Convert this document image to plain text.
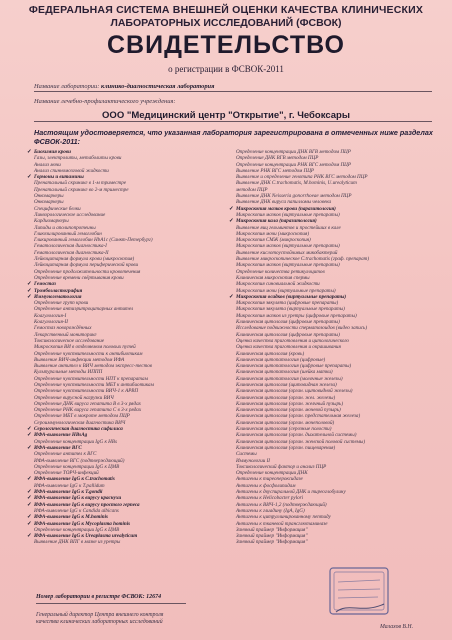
ФЕДЕРАЛЬНАЯ СИСТЕМА ВНЕШНЕЙ ОЦЕНКИ КАЧЕСТВА КЛИНИЧЕСКИХ
ЛАБОРАТОРНЫХ ИССЛЕДОВАНИЙ (ФСВОК)
СВИДЕТЕЛЬСТВО
о регистрации в ФСВОК-2011
Название лаборатории: клинико-диагностическая лаборатория
Название лечебно-профилактического учреждения:
ООО "Медицинский центр "Открытие", г. Чебоксары
Настоящим удостоверяется, что указанная лаборатория зарегистрирована в отмеченных ниже разделах ФСВОК-2011:
✓ Биохимия крови
Газы, электролиты, метаболиты крови
Анализ мочи
Анализ спинномозговой жидкости
✓ Гормоны и витамины
Пренатальный скрининг в 1-м триместре
Пренатальный скрининг во 2-м триместре
Онкомаркеры
Онкомаркеры
Специфические белки
Ликворологическое исследование
Кардиомаркеры
Липиды и аполипопротеины
Гликозилированный гемоглобин
Гликированный гемоглобин HbA1c (Санкт-Петербург)
Гематологическая диагностика-I
Гематологическая диагностика-II
Лейкоцитарная формула крови (микроскопия)
Лейкоцитарная формула периферической крови
Определение продолжительности кровотечения
Определение времени свёртывания крови
✓ Гемостаз
✓ Тромбоэластография
✓ Иммуногематология
Определение групп крови
Определение антиэритроцитарных антител
Коагулология-I
Коагулология-II
Гемостаз новорождённых
Лекарственный мониторинг
Токсикологическое исследование
Микроскопия ВИ в отделяемом половых путей
Определение чувствительности к антибиотикам
Выявление ВИЧ-инфекции методом ИФА
Выявление антител к ВИЧ методом экспресс-тестов
Культуральные методы ИППП
Определение чувствительности НПТ к препаратам
Определение чувствительности МБТ к антибиотикам
Определение чувствительности ВИЧ-1 к АРВП
Определение вирусной нагрузки ВИЧ
Определение ДНК вируса гепатита В в 3-х рядах
Определение РНК вируса гепатита С в 3-х рядах
Определение МБТ в мокроте методом ПЦР
Сероиммунологическая диагностика ВИЧ
✓ Серологическая диагностика сифилиса
✓ ИФА-выявление HBsAg
Определение концентрации IgG к HBs
✓ ИФА-выявление ВГС
Определение антител к ВГС
ИФА-выявление ВГС (подтверждающий)
Определение концентрации IgG к ЦМВ
Определение ТОРЧ-инфекций
✓ ИФА-выявление IgG к C.trachomatis
ИФА-выявление IgG к Т.pallidum
✓ ИФА-выявление IgG к T.gondii
✓ ИФА-выявление IgG к вирусу краснухи
✓ ИФА-выявление IgG к вирусу простого герпеса
ИФА-выявление IgG к Candida albicans
✓ ИФА-выявление IgG к M.hominis
✓ ИФА-выявление IgG к Mycoplasma hominis
Определение концентрации IgG к ЦМВ
✓ ИФА-выявление IgG к Ureaplasma urealyticum
Выявление ДНК ВПГ в мазке из уретры
Определение концентрации ДНК ВГВ методом ПЦР
Определение ДНК ВГВ методом ПЦР
Определение концентрации РНК ВГС методом ПЦР
Выявление РНК ВГС методом ПЦР
Выявление и определение генотипа РНК ВГС методом ПЦР
Выявление ДНК C.trachomatis, M.hominis, U.urealyticum
методом ПЦР
Выявление ДНК Neisseria gonorrhoeae методом ПЦР
Выявление ДНК вируса папилломы человека
✓ Микроскопия мазков крови (паразитология)
Микроскопия мазков (виртуальные препараты)
✓ Микроскопия кала (паразитология)
Выявление яиц гельминтов и простейших в кале
Микроскопия мочи (микроскопия)
Микроскопия СМЖ (микроскопия)
Микроскопия мазков (виртуальные препараты)
Выявление кислотоустойчивых микобактерий
Выявление микроскопическое С.trachomatis (граф. препарат)
Микроскопия мазков (виртуальные препараты)
Определение количества ретикулоцитов
Клиническая микроскопия спермы
Микроскопия синовиальной жидкости
Микроскопия мочи (виртуальные препараты)
✓ Микроскопия осадков (виртуальные препараты)
Микроскопия эякулята (цифровые препараты)
Микроскопия эякулята (виртуальные препараты)
Микроскопия мазков из уретры (цифровые препараты)
Клиническая цитология (цифровые препараты)
Исследование подвижности сперматозоидов (видео запись)
Клиническая цитология (цифровые препараты)
Оценка качества приготовления и цитологического
Оценка качества приготовления и окрашивания
Клиническая цитология (кровь)
Клиническая цитопатология (цифровые)
Клиническая цитопатология (цифровые препараты)
Клиническая цитопатология (шейка матки)
Клиническая цитопатология (молочные железы)
Клиническая цитология (щитовидная железа)
Клиническая цитология (орган. щитовидной железы)
Клиническая цитология (орган. жел. железы)
Клиническая цитология (орган. желчный пузырь)
Клиническая цитология (орган. мочевой пузырь)
Клиническая цитология (орган. предстательная железа)
Клиническая цитология (орган. мочеполовой)
Клиническая цитология (серозные полости)
Клиническая цитология (орган. дыхательной системы)
Клиническая цитология (орган. женской половой системы)
Клиническая цитология (орган. пищеварения)
Системы
Иммунологии II
Токсикологический фактор и анализ ПЦР
Определение концентрации ДНК
Антигены к тиреопероксидазе
Антигены к фосфолипидам
Антигены к двуспиральной ДНК и тиреоглобулину
Антигены к Helicobacter pylori
Антигены к ВИЧ-1,2 (подтверждающий)
Антигены к глиадину (IgA, IgG)
Антигены к цитруллинированному пептиду
Антигены к тканевой трансглютаминазе
Занчный праймер "Информация"
Занчный праймер "Информация"
Занчный праймер "Информация"
Номер лаборатории в регистре ФСВОК: 12674
Генеральный директор Центра внешнего контроля
качества клинических лабораторных исследований
Малахов В.Н.
